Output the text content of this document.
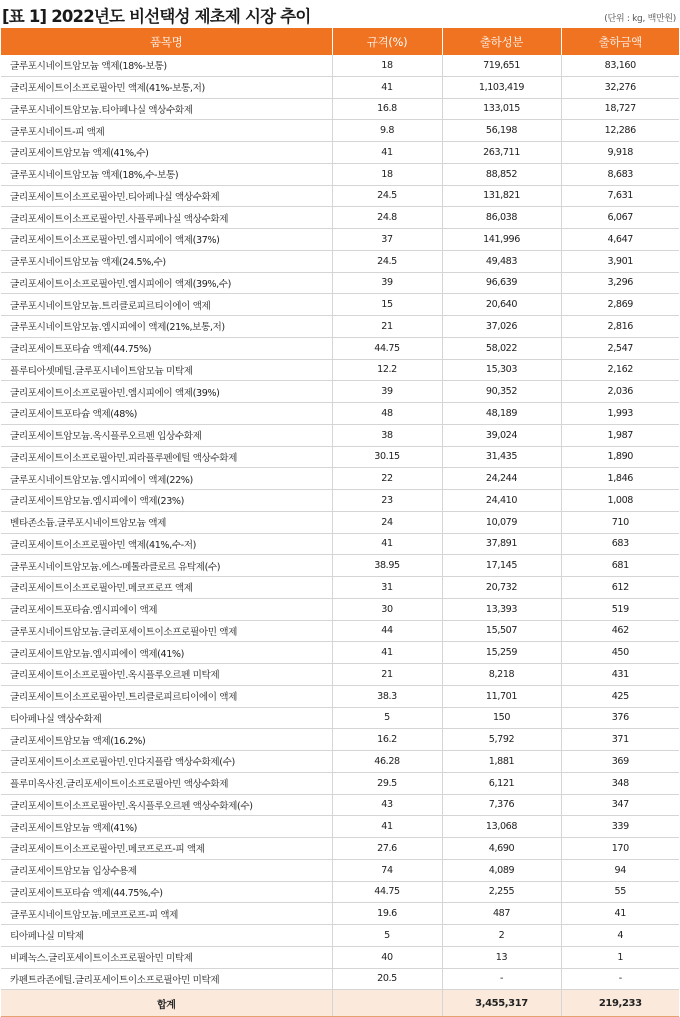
[표 1] 2022년도 비선택성 제초제 시장 추이	(단위 : kg, 백만원)
품목명	규격(%)	출하성분	출하금액
글루포시네이트암모늄 액제(18%-보통)	18	719,651	83,160
글리포세이트이소프로필아민 액제(41%-보통,저)	41	1,103,419	32,276
글루포시네이트암모늄.티아페나실 액상수화제	16.8	133,015	18,727
글루포시네이트-피 액제	9.8	56,198	12,286
글리포세이트암모늄 액제(41%,수)	41	263,711	9,918
글루포시네이트암모늄 액제(18%,수-보통)	18	88,852	8,683
글리포세이트이소프로필아민.티아페나실 액상수화제	24.5	131,821	7,631
글리포세이트이소프로필아민.사플루페나실 액상수화제	24.8	86,038	6,067
글리포세이트이소프로필아민.엠시피에이 액제(37%)	37	141,996	4,647
글루포시네이트암모늄 액제(24.5%,수)	24.5	49,483	3,901
글리포세이트이소프로필아민.엠시피에이 액제(39%,수)	39	96,639	3,296
글루포시네이트암모늄.트리클로피르티이에이 액제	15	20,640	2,869
글루포시네이트암모늄.엠시피에이 액제(21%,보통,저)	21	37,026	2,816
글리포세이트포타슘 액제(44.75%)	44.75	58,022	2,547
플루티아셋메틸.글루포시네이트암모늄 미탁제	12.2	15,303	2,162
글리포세이트이소프로필아민.엠시피에이 액제(39%)	39	90,352	2,036
글리포세이트포타슘 액제(48%)	48	48,189	1,993
글리포세이트암모늄.옥시플루오르펜 입상수화제	38	39,024	1,987
글리포세이트이소프로필아민.피라플루펜에틸 액상수화제	30.15	31,435	1,890
글루포시네이트암모늄.엠시피에이 액제(22%)	22	24,244	1,846
글리포세이트암모늄.엠시피에이 액제(23%)	23	24,410	1,008
벤타존소듐.글루포시네이트암모늄 액제	24	10,079	710
글리포세이트이소프로필아민 액제(41%,수-저)	41	37,891	683
글루포시네이트암모늄.에스-메톨라클로르 유탁제(수)	38.95	17,145	681
글리포세이트이소프로필아민.메코프로프 액제	31	20,732	612
글리포세이트포타슘.엠시피에이 액제	30	13,393	519
글루포시네이트암모늄.글리포세이트이소프로필아민 액제	44	15,507	462
글리포세이트암모늄.엠시피에이 액제(41%)	41	15,259	450
글리포세이트이소프로필아민.옥시플루오르펜 미탁제	21	8,218	431
글리포세이트이소프로필아민.트리클로피르티이에이 액제	38.3	11,701	425
티아페나실 액상수화제	5	150	376
글리포세이트암모늄 액제(16.2%)	16.2	5,792	371
글리포세이트이소프로필아민.인다지플람 액상수화제(수)	46.28	1,881	369
플루미옥사진.글리포세이트이소프로필아민 액상수화제	29.5	6,121	348
글리포세이트이소프로필아민.옥시플루오르펜 액상수화제(수)	43	7,376	347
글리포세이트암모늄 액제(41%)	41	13,068	339
글리포세이트이소프로필아민.메코프로프-피 액제	27.6	4,690	170
글리포세이트암모늄 입상수용제	74	4,089	94
글리포세이트포타슘 액제(44.75%,수)	44.75	2,255	55
글루포시네이트암모늄.메코프로프-피 액제	19.6	487	41
티아페나실 미탁제	5	2	4
비페녹스.글리포세이트이소프로필아민 미탁제	40	13	1
카펜트라존에틸.글리포세이트이소프로필아민 미탁제	20.5	-	-
합계		3,455,317	219,233
